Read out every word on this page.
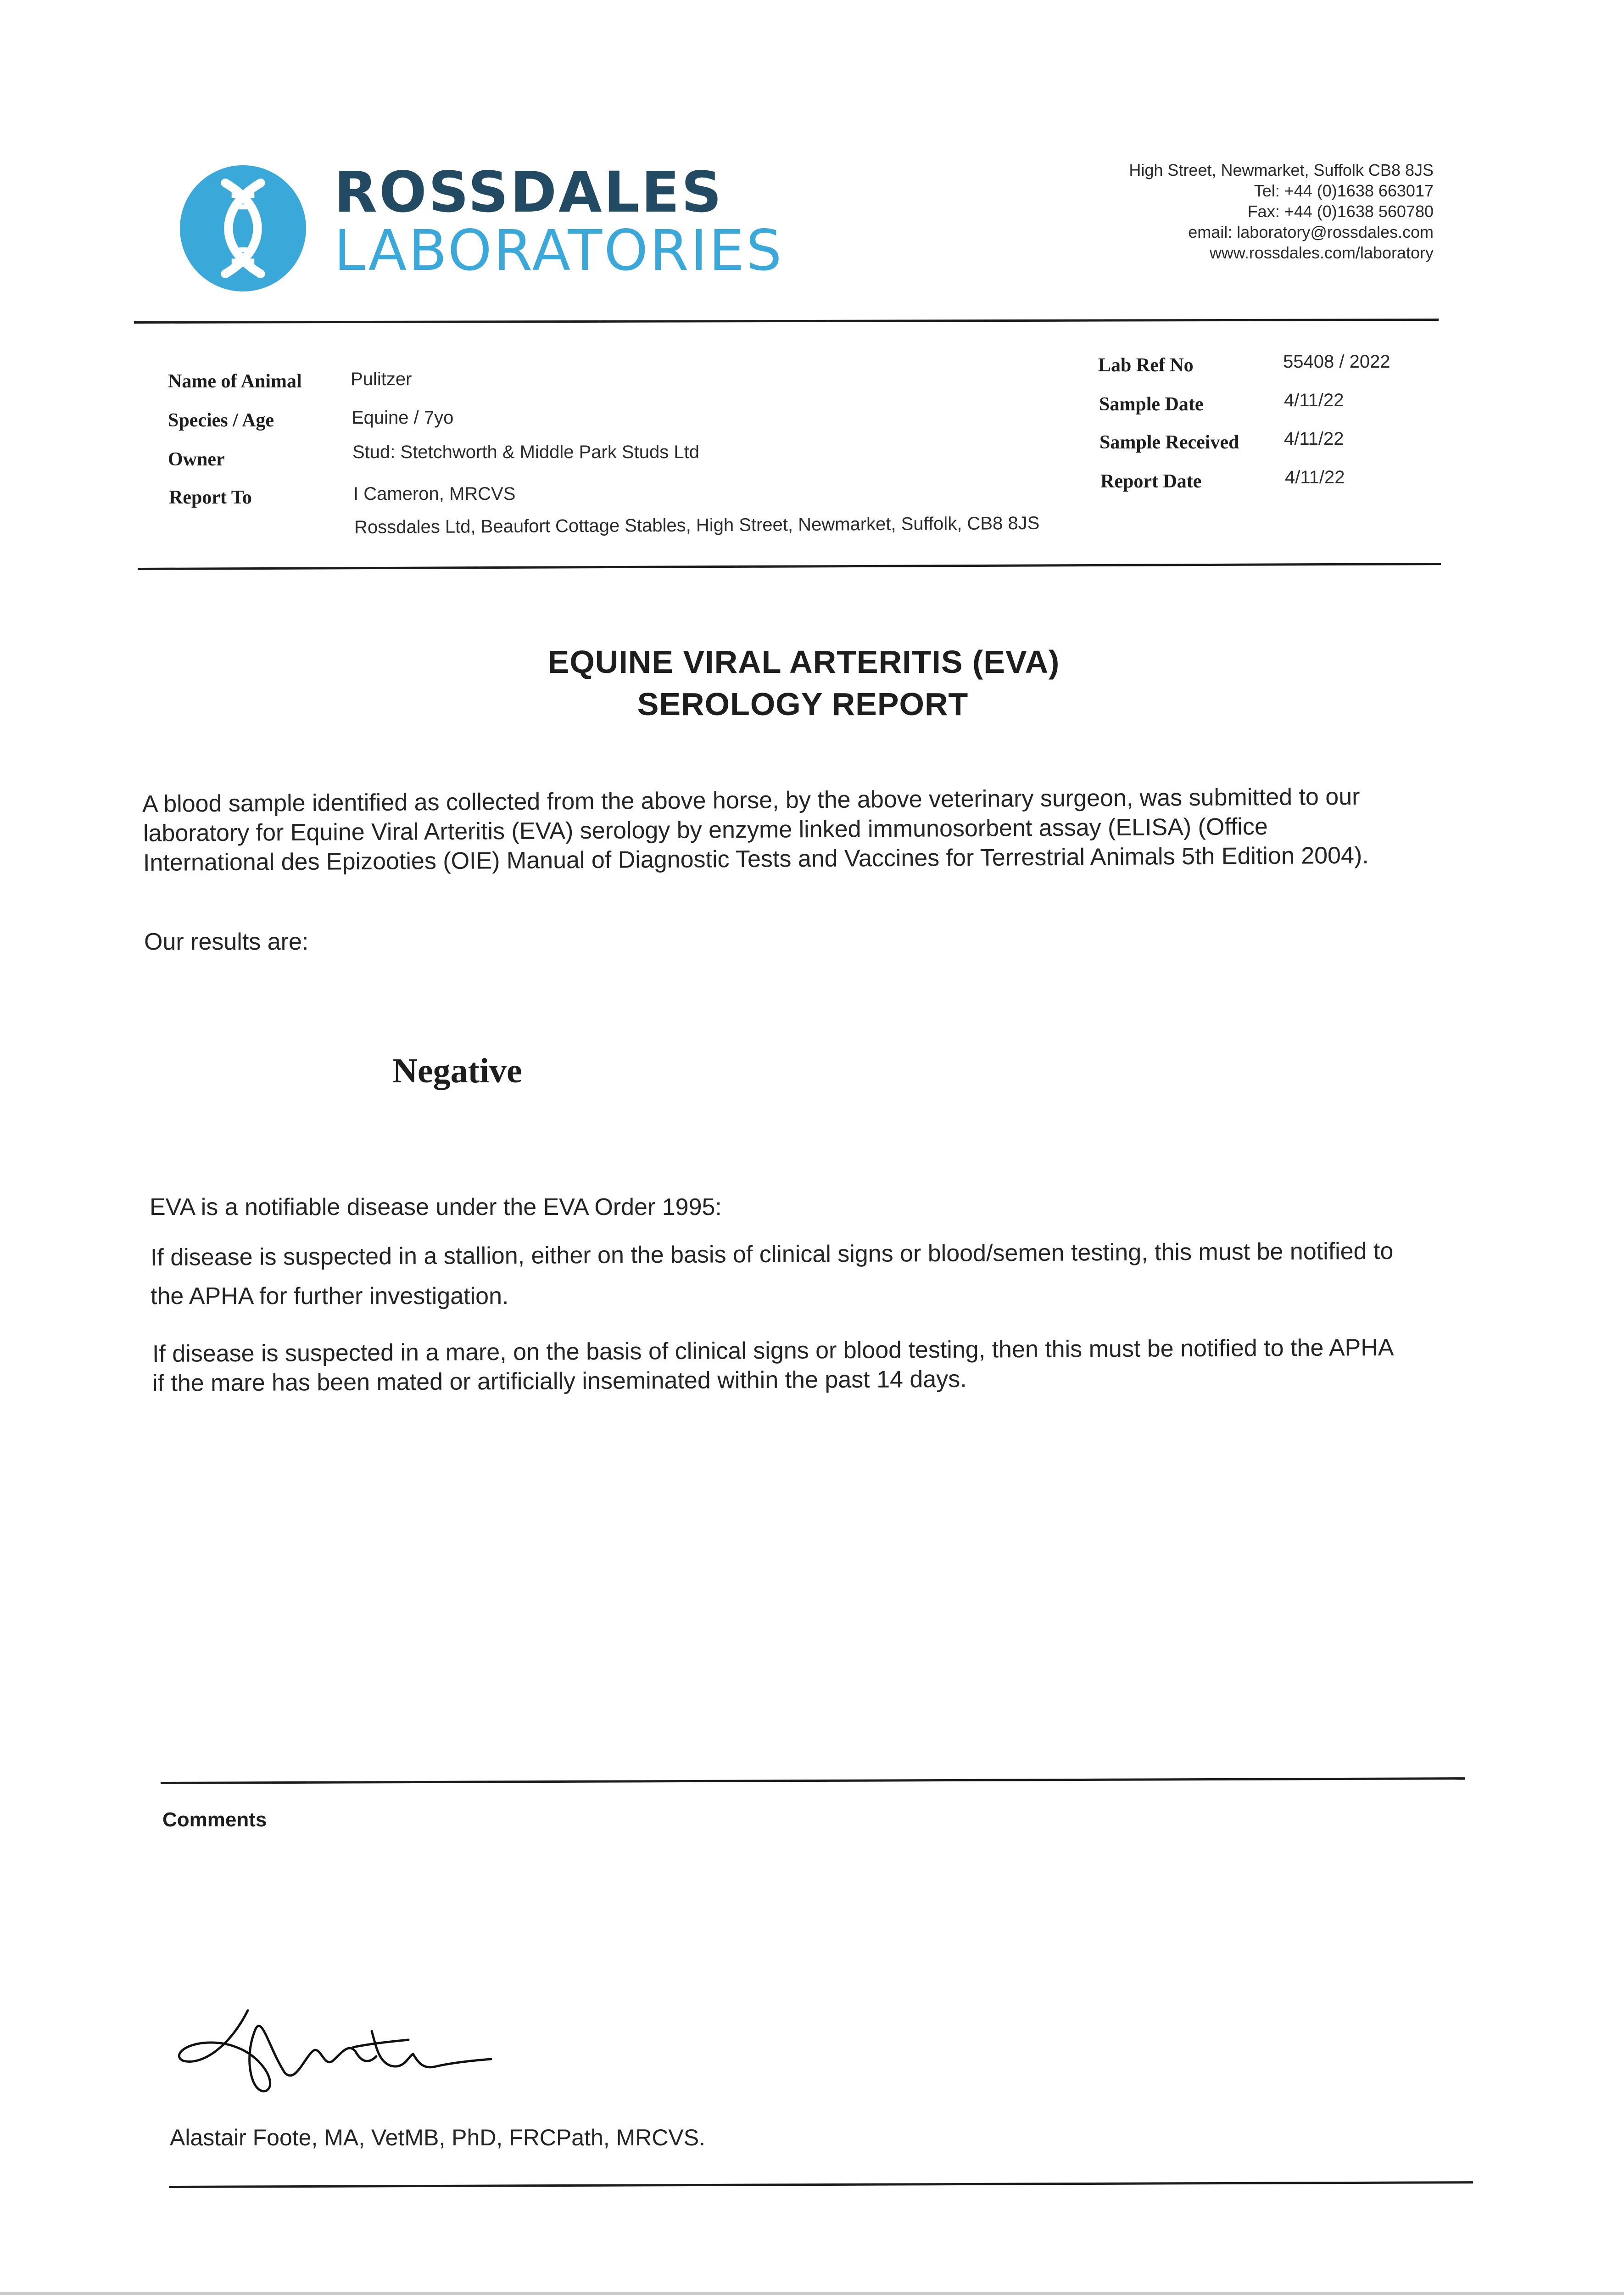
ROSSDALES
LABORATORIES
High Street, Newmarket, Suffolk CB8 8JS
Tel: +44 (0)1638 663017
Fax: +44 (0)1638 560780
email: laboratory@rossdales.com
www.rossdales.com/laboratory
Name of Animal	Pulitzer
Species / Age	Equine / 7yo
Owner	Stud: Stetchworth & Middle Park Studs Ltd
Report To	I Cameron, MRCVS
Rossdales Ltd, Beaufort Cottage Stables, High Street, Newmarket, Suffolk, CB8 8JS
Lab Ref No	55408 / 2022
Sample Date	4/11/22
Sample Received 4/11/22
Report Date	4/11/22
EQUINE VIRAL ARTERITIS (EVA)
SEROLOGY REPORT
A blood sample identified as collected from the above horse, by the above veterinary surgeon, was submitted to our
laboratory for Equine Viral Arteritis (EVA) serology by enzyme linked immunosorbent assay (ELISA) (Office
International des Epizooties (OIE) Manual of Diagnostic Tests and Vaccines for Terrestrial Animals 5th Edition 2004).
Our results are:
Negative
EVA is a notifiable disease under the EVA Order 1995:
If disease is suspected in a stallion, either on the basis of clinical signs or blood/semen testing, this must be notified to
the APHA for further investigation.
If disease is suspected in a mare, on the basis of clinical signs or blood testing, then this must be notified to the APHA
if the mare has been mated or artificially inseminated within the past 14 days.
Comments
Alastair Foote, MA, VetMB, PhD, FRCPath, MRCVS.
